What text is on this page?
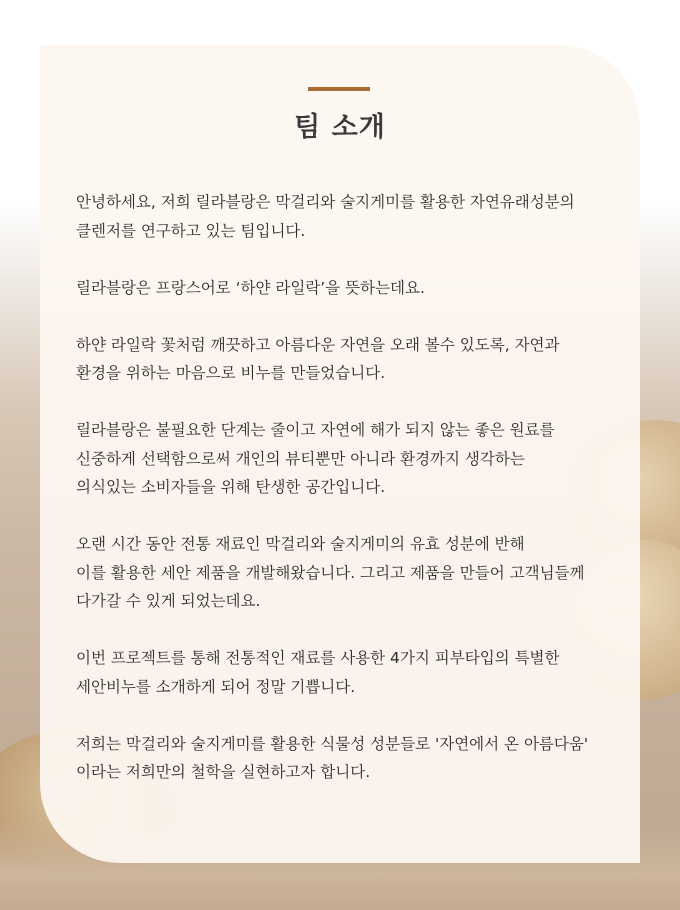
팀 소개

안녕하세요, 저희 릴라블랑은 막걸리와 술지게미를 활용한 자연유래성분의
클렌저를 연구하고 있는 팀입니다.

릴라블랑은 프랑스어로 ‘하얀 라일락’을 뜻하는데요.

하얀 라일락 꽃처럼 깨끗하고 아름다운 자연을 오래 볼수 있도록, 자연과
환경을 위하는 마음으로 비누를 만들었습니다.

릴라블랑은 불필요한 단계는 줄이고 자연에 해가 되지 않는 좋은 원료를
신중하게 선택함으로써 개인의 뷰티뿐만 아니라 환경까지 생각하는
의식있는 소비자들을 위해 탄생한 공간입니다.

오랜 시간 동안 전통 재료인 막걸리와 술지게미의 유효 성분에 반해
이를 활용한 세안 제품을 개발해왔습니다. 그리고 제품을 만들어 고객님들께
다가갈 수 있게 되었는데요.

이번 프로젝트를 통해 전통적인 재료를 사용한 4가지 피부타입의 특별한
세안비누를 소개하게 되어 정말 기쁩니다.

저희는 막걸리와 술지게미를 활용한 식물성 성분들로 '자연에서 온 아름다움'
이라는 저희만의 철학을 실현하고자 합니다.
